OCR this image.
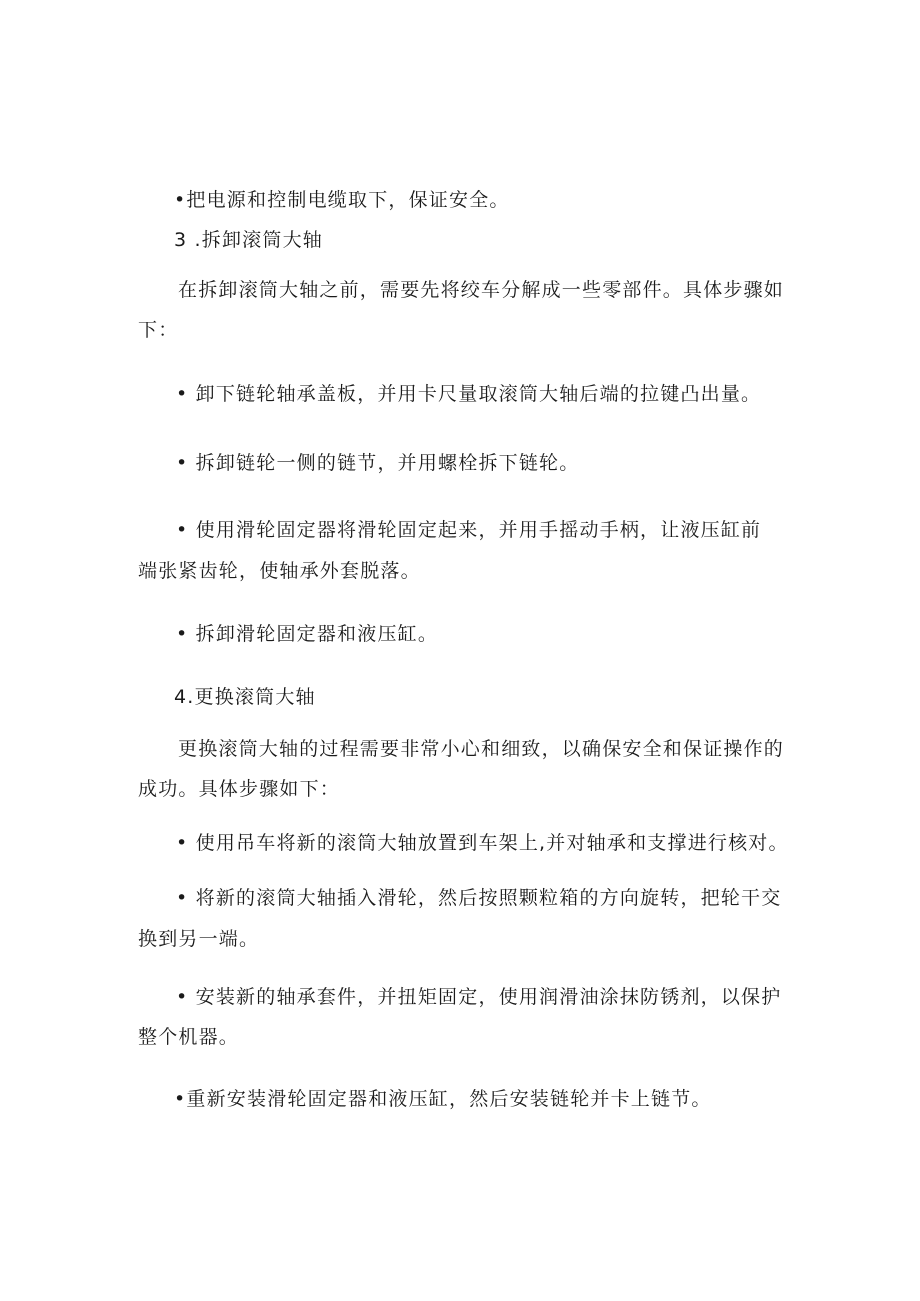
•把电源和控制电缆取下，保证安全。
3 .拆卸滚筒大轴
在拆卸滚筒大轴之前，需要先将绞车分解成一些零部件。具体步骤如
下：
• 卸下链轮轴承盖板，并用卡尺量取滚筒大轴后端的拉键凸出量。
• 拆卸链轮一侧的链节，并用螺栓拆下链轮。
• 使用滑轮固定器将滑轮固定起来，并用手摇动手柄，让液压缸前
端张紧齿轮，使轴承外套脱落。
• 拆卸滑轮固定器和液压缸。
4.更换滚筒大轴
更换滚筒大轴的过程需要非常小心和细致，以确保安全和保证操作的
成功。具体步骤如下：
• 使用吊车将新的滚筒大轴放置到车架上,并对轴承和支撑进行核对。
• 将新的滚筒大轴插入滑轮，然后按照颗粒箱的方向旋转，把轮干交
换到另一端。
• 安装新的轴承套件，并扭矩固定，使用润滑油涂抹防锈剂，以保护
整个机器。
•重新安装滑轮固定器和液压缸，然后安装链轮并卡上链节。
